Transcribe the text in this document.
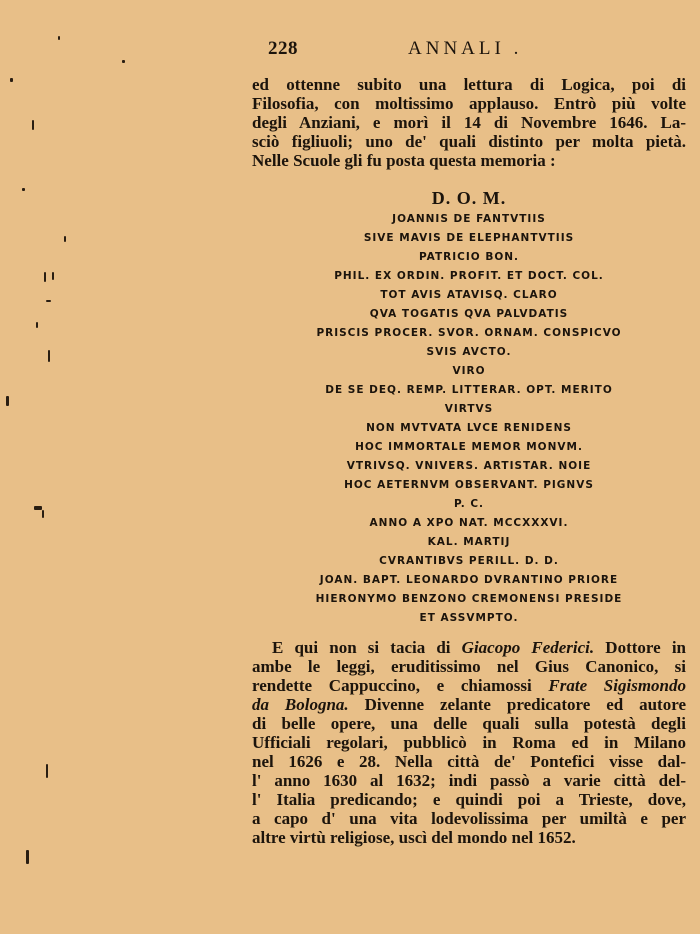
228	ANNALI .
ed ottenne subito una lettura di Logica, poi di
Filosofia, con moltissimo applauso. Entrò più volte
degli Anziani, e morì il 14 di Novembre 1646. La-
sciò figliuoli; uno de' quali distinto per molta pietà.
Nelle Scuole gli fu posta questa memoria :
D. O. M.
JOANNIS DE FANTVTIIS
SIVE MAVIS DE ELEPHANTVTIIS
PATRICIO BON.
PHIL. EX ORDIN. PROFIT. ET DOCT. COL.
TOT AVIS ATAVISQ. CLARO
QVA TOGATIS QVA PALVDATIS
PRISCIS PROCER. SVOR. ORNAM. CONSPICVO
SVIS AVCTO.
VIRO
DE SE DEQ. REMP. LITTERAR. OPT. MERITO
VIRTVS
NON MVTVATA LVCE RENIDENS
HOC IMMORTALE MEMOR MONVM.
VTRIVSQ. VNIVERS. ARTISTAR. NOIE
HOC AETERNVM OBSERVANT. PIGNVS
P. C.
ANNO A XPO NAT. MCCXXXVI.
KAL. MARTIJ
CVRANTIBVS PERILL. D. D.
JOAN. BAPT. LEONARDO DVRANTINO PRIORE
HIERONYMO BENZONO CREMONENSI PRESIDE
ET ASSVMPTO.
E qui non si tacia di Giacopo Federici. Dottore in
ambe le leggi, eruditissimo nel Gius Canonico, si
rendette Cappuccino, e chiamossi Frate Sigismondo
da Bologna. Divenne zelante predicatore ed autore
di belle opere, una delle quali sulla potestà degli
Ufficiali regolari, pubblicò in Roma ed in Milano
nel 1626 e 28. Nella città de' Pontefici visse dal-
l' anno 1630 al 1632; indi passò a varie città del-
l' Italia predicando; e quindi poi a Trieste, dove,
a capo d' una vita lodevolissima per umiltà e per
altre virtù religiose, uscì del mondo nel 1652.
